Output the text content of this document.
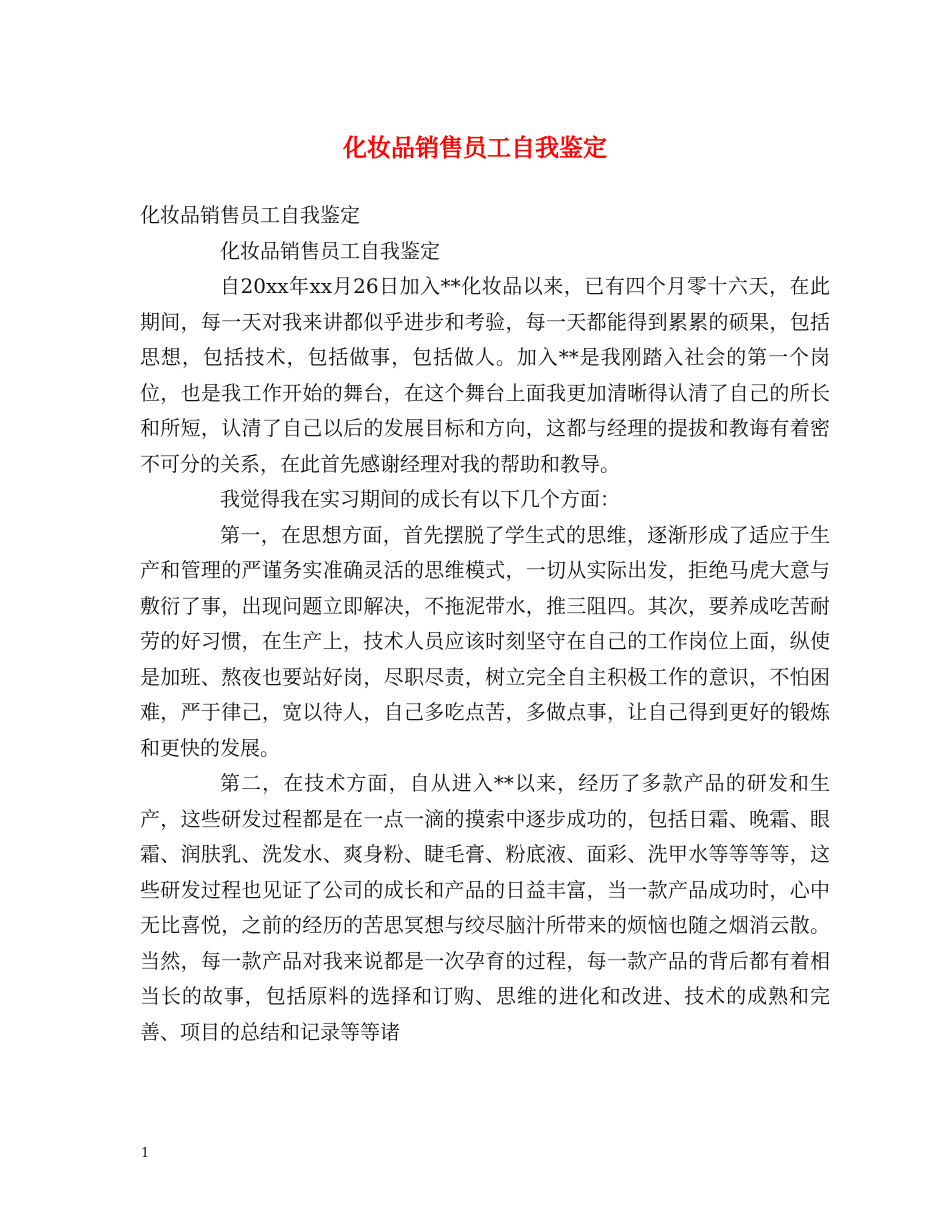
化妆品销售员工自我鉴定

化妆品销售员工自我鉴定

化妆品销售员工自我鉴定

自20xx年xx月26日加入**化妆品以来，已有四个月零十六天，在此期间，每一天对我来讲都似乎进步和考验，每一天都能得到累累的硕果，包括思想，包括技术，包括做事，包括做人。加入**是我刚踏入社会的第一个岗位，也是我工作开始的舞台，在这个舞台上面我更加清晰得认清了自己的所长和所短，认清了自己以后的发展目标和方向，这都与经理的提拔和教诲有着密不可分的关系，在此首先感谢经理对我的帮助和教导。

我觉得我在实习期间的成长有以下几个方面：

第一，在思想方面，首先摆脱了学生式的思维，逐渐形成了适应于生产和管理的严谨务实准确灵活的思维模式，一切从实际出发，拒绝马虎大意与敷衍了事，出现问题立即解决，不拖泥带水，推三阻四。其次，要养成吃苦耐劳的好习惯，在生产上，技术人员应该时刻坚守在自己的工作岗位上面，纵使是加班、熬夜也要站好岗，尽职尽责，树立完全自主积极工作的意识，不怕困难，严于律己，宽以待人，自己多吃点苦，多做点事，让自己得到更好的锻炼和更快的发展。

第二，在技术方面，自从进入**以来，经历了多款产品的研发和生产，这些研发过程都是在一点一滴的摸索中逐步成功的，包括日霜、晚霜、眼霜、润肤乳、洗发水、爽身粉、睫毛膏、粉底液、面彩、洗甲水等等等等，这些研发过程也见证了公司的成长和产品的日益丰富，当一款产品成功时，心中无比喜悦，之前的经历的苦思冥想与绞尽脑汁所带来的烦恼也随之烟消云散。当然，每一款产品对我来说都是一次孕育的过程，每一款产品的背后都有着相当长的故事，包括原料的选择和订购、思维的进化和改进、技术的成熟和完善、项目的总结和记录等等诸

1
